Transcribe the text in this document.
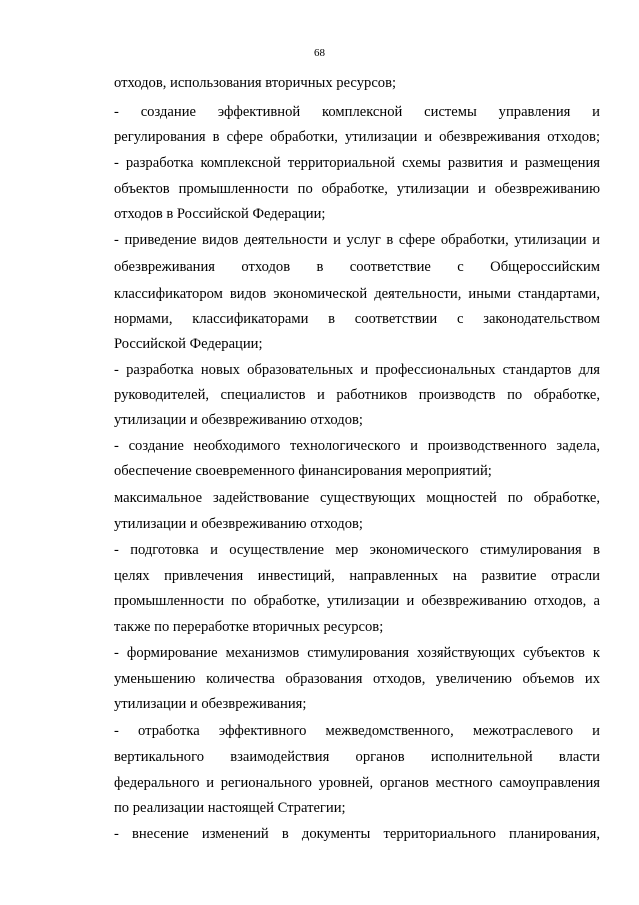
68
отходов, использования вторичных ресурсов;
-   создание   эффективной   комплексной   системы   управления   и
регулирования в сфере обработки, утилизации и обезвреживания отходов;
- разработка комплексной территориальной схемы развития и размещения
объектов промышленности по обработке, утилизации и обезвреживанию
отходов в Российской Федерации;
- приведение видов деятельности и услуг в сфере обработки, утилизации и
обезвреживания    отходов    в    соответствие    с    Общероссийским
классификатором видов экономической деятельности, иными стандартами,
нормами,   классификаторами   в   соответствии   с   законодательством
Российской Федерации;
- разработка новых образовательных и профессиональных стандартов для
руководителей, специалистов и работников производств по обработке,
утилизации и обезвреживанию отходов;
- создание необходимого технологического и производственного задела,
обеспечение своевременного финансирования мероприятий;
максимальное задействование существующих мощностей по обработке,
утилизации и обезвреживанию отходов;
- подготовка и осуществление мер экономического стимулирования в
целях привлечения инвестиций, направленных на развитие отрасли
промышленности по обработке, утилизации и обезвреживанию отходов, а
также по переработке вторичных ресурсов;
- формирование механизмов стимулирования хозяйствующих субъектов к
уменьшению количества образования отходов, увеличению объемов их
утилизации и обезвреживания;
-   отработка   эффективного   межведомственного,   межотраслевого   и
вертикального   взаимодействия   органов   исполнительной   власти
федерального и регионального уровней, органов местного самоуправления
по реализации настоящей Стратегии;
- внесение изменений в документы территориального планирования,
